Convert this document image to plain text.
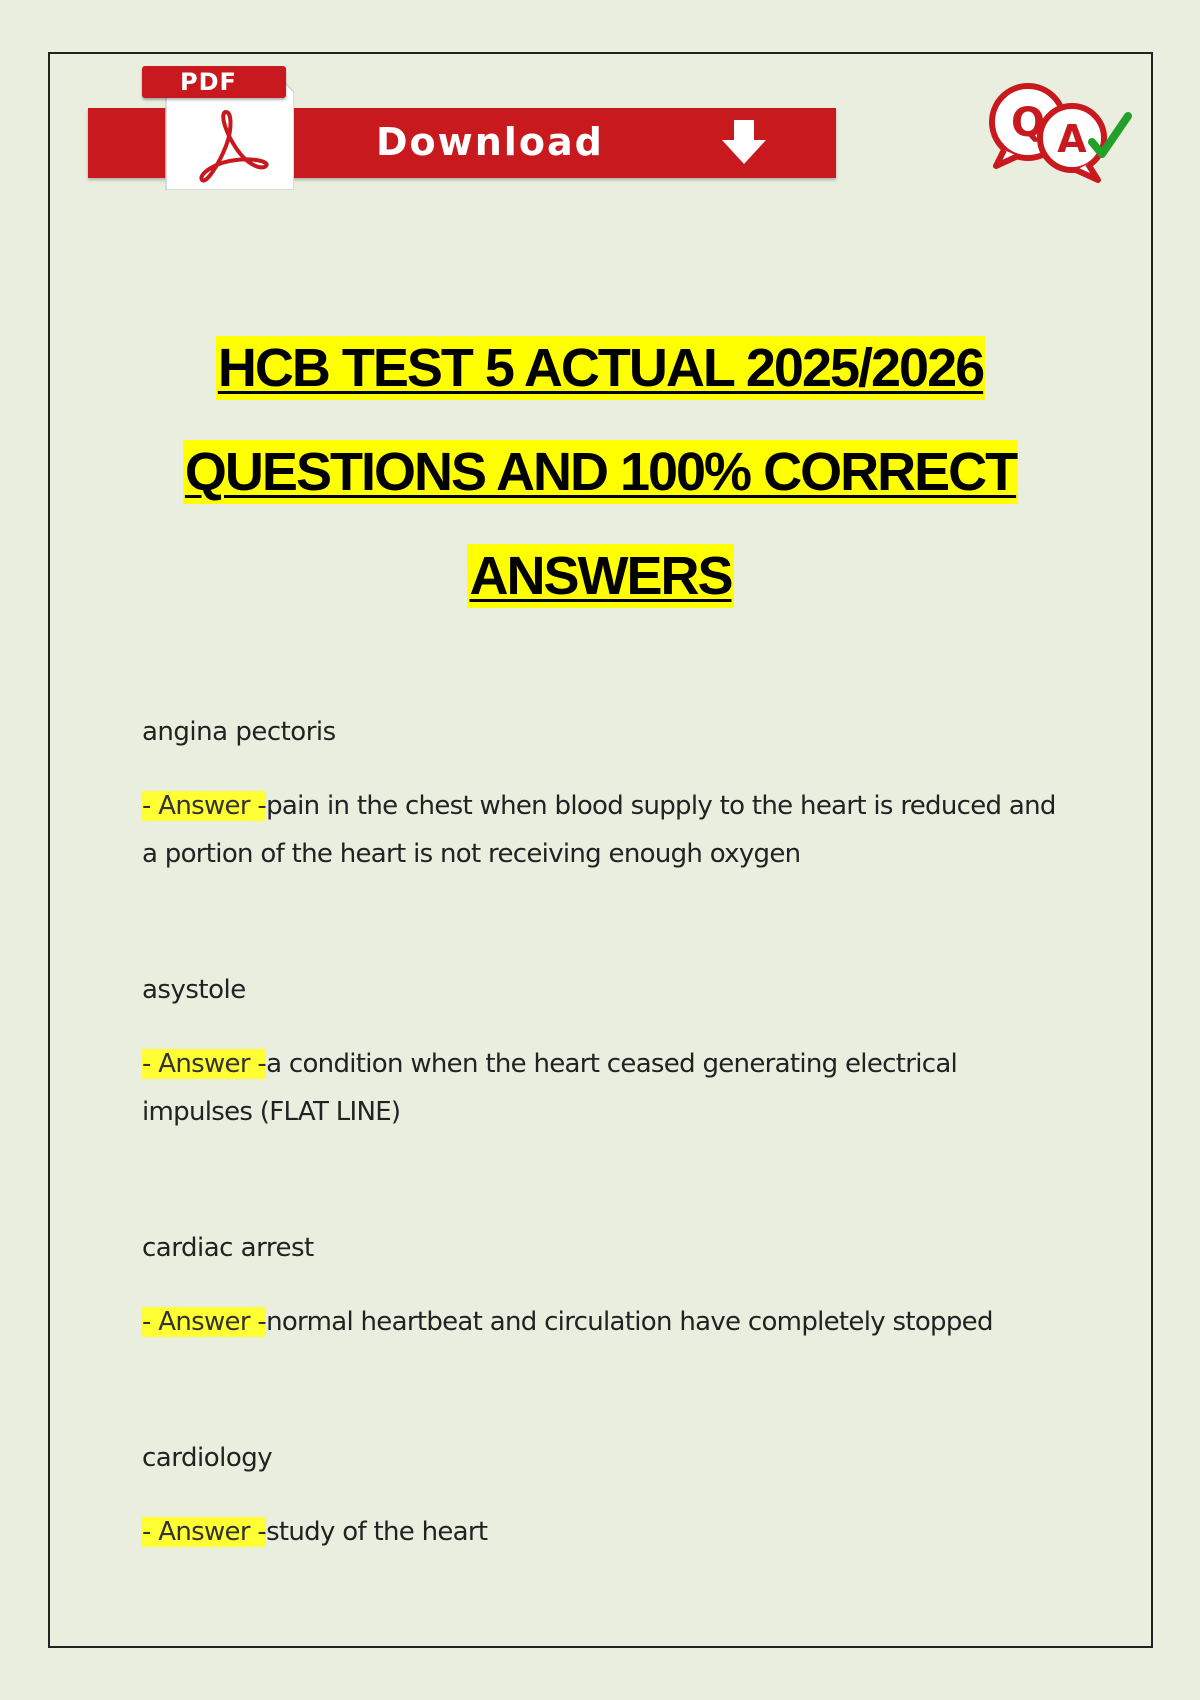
Download
PDF
Q A
HCB TEST 5 ACTUAL 2025/2026
QUESTIONS AND 100% CORRECT
ANSWERS

angina pectoris

- Answer -pain in the chest when blood supply to the heart is reduced and a portion of the heart is not receiving enough oxygen

asystole

- Answer -a condition when the heart ceased generating electrical impulses (FLAT LINE)

cardiac arrest

- Answer -normal heartbeat and circulation have completely stopped

cardiology

- Answer -study of the heart
